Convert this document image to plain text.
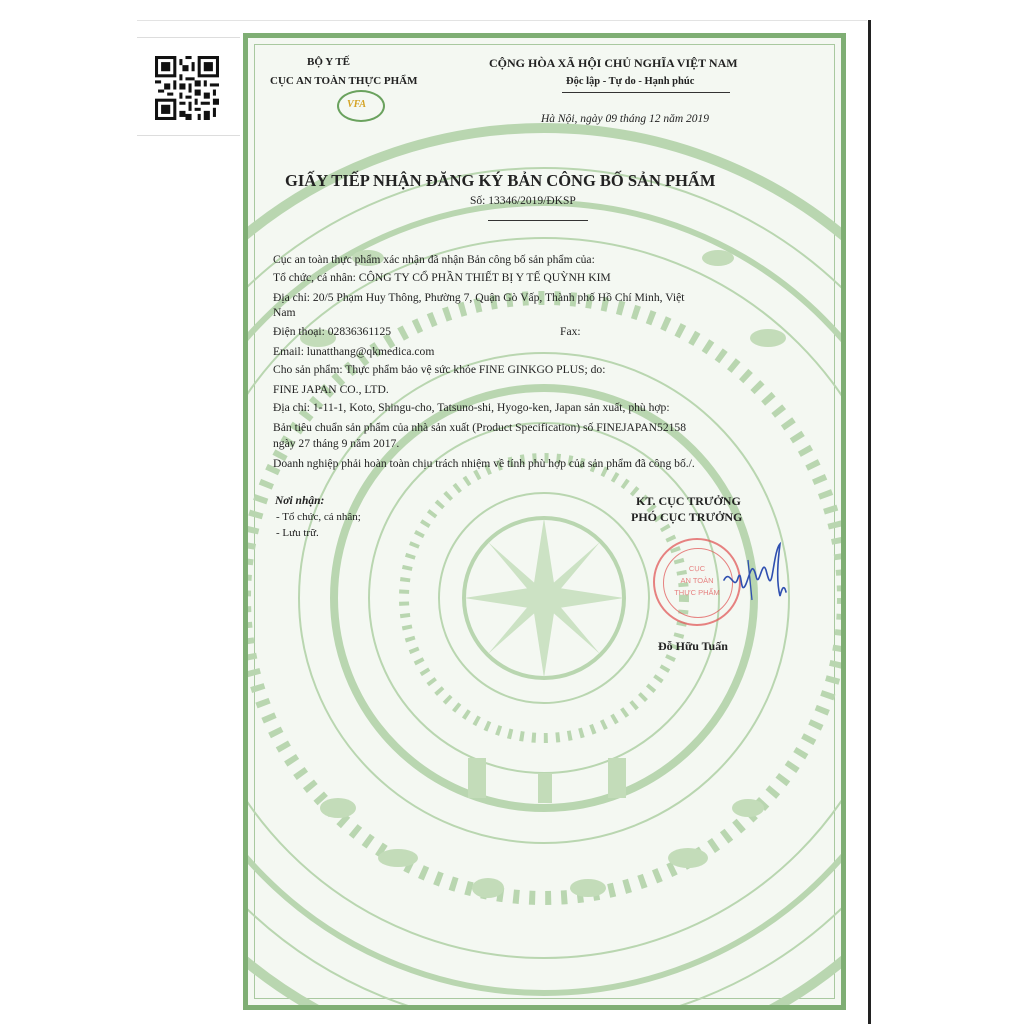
BỘ Y TẾ
CỤC AN TOÀN THỰC PHẨM
VFA
CỘNG HÒA XÃ HỘI CHỦ NGHĨA VIỆT NAM
Độc lập - Tự do - Hạnh phúc
Hà Nội, ngày 09 tháng 12 năm 2019
GIẤY TIẾP NHẬN ĐĂNG KÝ BẢN CÔNG BỐ SẢN PHẨM
Số: 13346/2019/ĐKSP
Cục an toàn thực phẩm xác nhận đã nhận Bản công bố sản phẩm của:
Tổ chức, cá nhân: CÔNG TY CỔ PHẦN THIẾT BỊ Y TẾ QUỲNH KIM
Địa chỉ: 20/5 Phạm Huy Thông, Phường 7, Quận Gò Vấp, Thành phố Hồ Chí Minh, Việt
Nam
Điện thoại: 02836361125	Fax:
Email: lunatthang@qkmedica.com
Cho sản phẩm: Thực phẩm bảo vệ sức khỏe FINE GINKGO PLUS; do:
FINE JAPAN CO., LTD.
Địa chỉ: 1-11-1, Koto, Shingu-cho, Tatsuno-shi, Hyogo-ken, Japan sản xuất, phù hợp:
Bản tiêu chuẩn sản phẩm của nhà sản xuất (Product Specification) số FINEJAPAN52158
ngày 27 tháng 9 năm 2017.
Doanh nghiệp phải hoàn toàn chịu trách nhiệm về tính phù hợp của sản phẩm đã công bố./.
Nơi nhận:
- Tổ chức, cá nhân;
- Lưu trữ.
KT. CỤC TRƯỞNG
PHÓ CỤC TRƯỞNG
CỤC
AN TOÀN
THỰC PHẨM
Đỗ Hữu Tuấn
